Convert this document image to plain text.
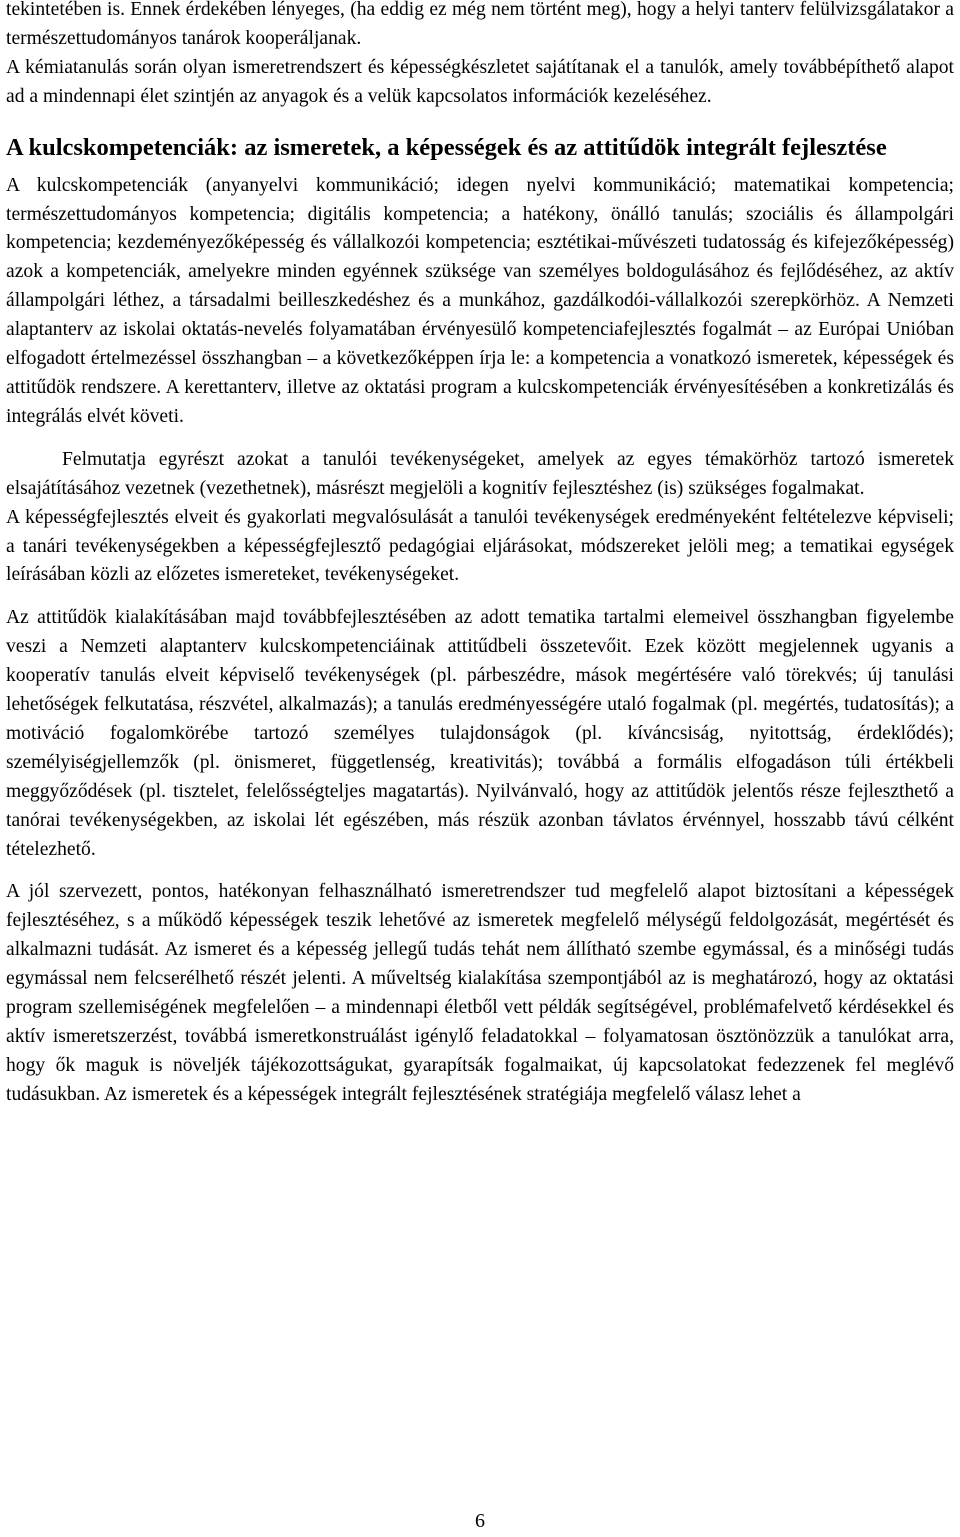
tekintetében is. Ennek érdekében lényeges, (ha eddig ez még nem történt meg), hogy a helyi tanterv felülvizsgálatakor a természettudományos tanárok kooperáljanak.

A kémiatanulás során olyan ismeretrendszert és képességkészletet sajátítanak el a tanulók, amely továbbépíthető alapot ad a mindennapi élet szintjén az anyagok és a velük kapcsolatos információk kezeléséhez.

A kulcskompetenciák: az ismeretek, a képességek és az attitűdök integrált fejlesztése

A kulcskompetenciák (anyanyelvi kommunikáció; idegen nyelvi kommunikáció; matematikai kompetencia; természettudományos kompetencia; digitális kompetencia; a hatékony, önálló tanulás; szociális és állampolgári kompetencia; kezdeményezőképesség és vállalkozói kompetencia; esztétikai-művészeti tudatosság és kifejezőképesség) azok a kompetenciák, amelyekre minden egyénnek szüksége van személyes boldogulásához és fejlődéséhez, az aktív állampolgári léthez, a társadalmi beilleszkedéshez és a munkához, gazdálkodói-vállalkozói szerepkörhöz. A Nemzeti alaptanterv az iskolai oktatás-nevelés folyamatában érvényesülő kompetenciafejlesztés fogalmát – az Európai Unióban elfogadott értelmezéssel összhangban – a következőképpen írja le: a kompetencia a vonatkozó ismeretek, képességek és attitűdök rendszere. A kerettanterv, illetve az oktatási program a kulcskompetenciák érvényesítésében a konkretizálás és integrálás elvét követi.

Felmutatja egyrészt azokat a tanulói tevékenységeket, amelyek az egyes témakörhöz tartozó ismeretek elsajátításához vezetnek (vezethetnek), másrészt megjelöli a kognitív fejlesztéshez (is) szükséges fogalmakat.

A képességfejlesztés elveit és gyakorlati megvalósulását a tanulói tevékenységek eredményeként feltételezve képviseli; a tanári tevékenységekben a képességfejlesztő pedagógiai eljárásokat, módszereket jelöli meg; a tematikai egységek leírásában közli az előzetes ismereteket, tevékenységeket.

Az attitűdök kialakításában majd továbbfejlesztésében az adott tematika tartalmi elemeivel összhangban figyelembe veszi a Nemzeti alaptanterv kulcskompetenciáinak attitűdbeli összetevőit. Ezek között megjelennek ugyanis a kooperatív tanulás elveit képviselő tevékenységek (pl. párbeszédre, mások megértésére való törekvés; új tanulási lehetőségek felkutatása, részvétel, alkalmazás); a tanulás eredményességére utaló fogalmak (pl. megértés, tudatosítás); a motiváció fogalomkörébe tartozó személyes tulajdonságok (pl. kíváncsiság, nyitottság, érdeklődés); személyiségjellemzők (pl. önismeret, függetlenség, kreativitás); továbbá a formális elfogadáson túli értékbeli meggyőződések (pl. tisztelet, felelősségteljes magatartás). Nyilvánvaló, hogy az attitűdök jelentős része fejleszthető a tanórai tevékenységekben, az iskolai lét egészében, más részük azonban távlatos érvénnyel, hosszabb távú célként tételezhető.

A jól szervezett, pontos, hatékonyan felhasználható ismeretrendszer tud megfelelő alapot biztosítani a képességek fejlesztéséhez, s a működő képességek teszik lehetővé az ismeretek megfelelő mélységű feldolgozását, megértését és alkalmazni tudását. Az ismeret és a képesség jellegű tudás tehát nem állítható szembe egymással, és a minőségi tudás egymással nem felcserélhető részét jelenti. A műveltség kialakítása szempontjából az is meghatározó, hogy az oktatási program szellemiségének megfelelően – a mindennapi életből vett példák segítségével, problémafelvető kérdésekkel és aktív ismeretszerzést, továbbá ismeretkonstruálást igénylő feladatokkal – folyamatosan ösztönözzük a tanulókat arra, hogy ők maguk is növeljék tájékozottságukat, gyarapítsák fogalmaikat, új kapcsolatokat fedezzenek fel meglévő tudásukban. Az ismeretek és a képességek integrált fejlesztésének stratégiája megfelelő válasz lehet a

6
